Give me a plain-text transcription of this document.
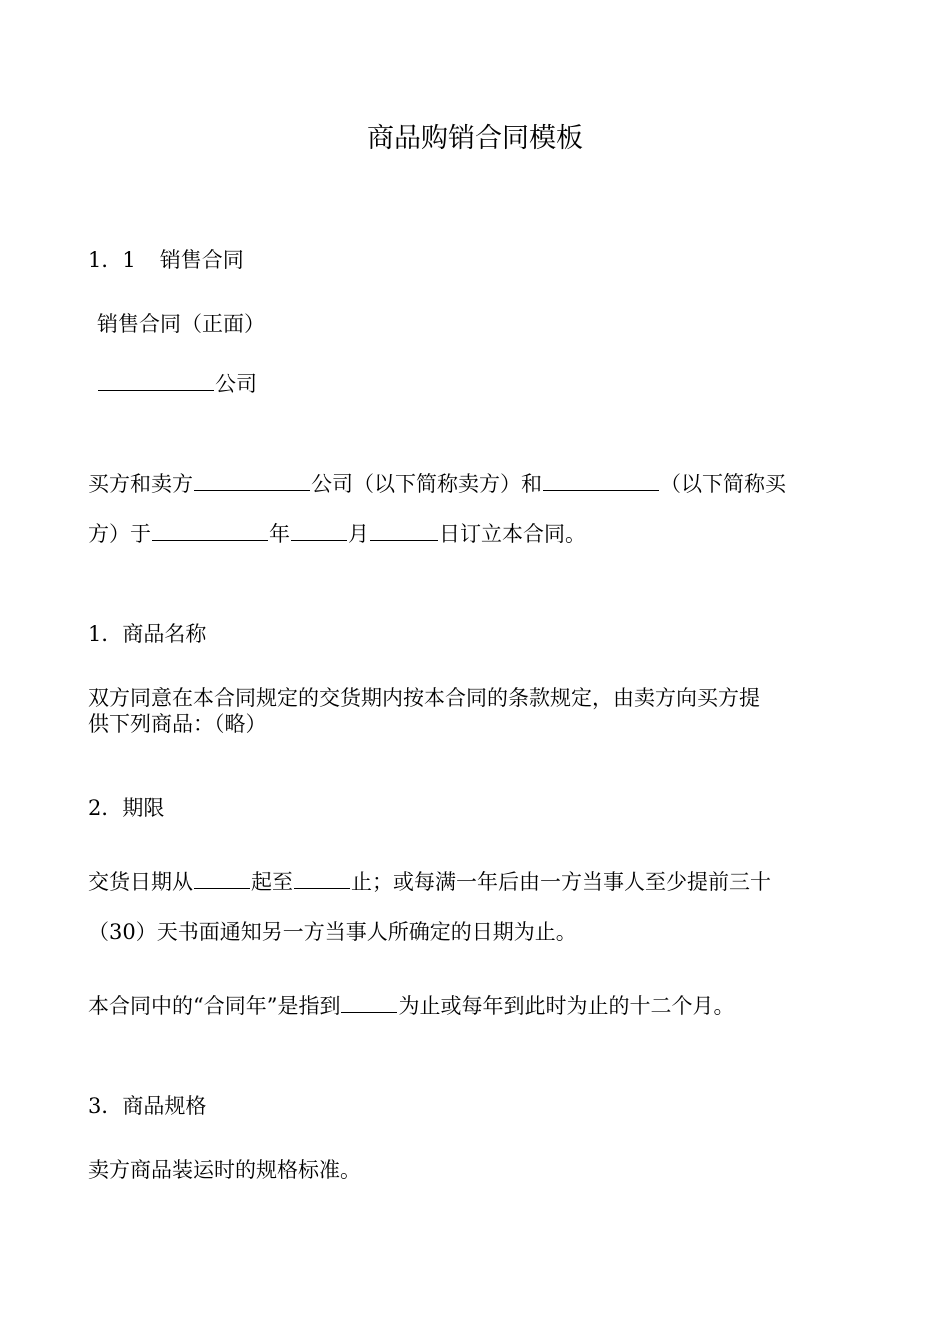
商品购销合同模板
1．1 销售合同
销售合同（正面）
公司
买方和卖方	公司（以下简称卖方）和	（以下简称买
方）于	年	月	日订立本合同。
1．商品名称
双方同意在本合同规定的交货期内按本合同的条款规定，由卖方向买方提
供下列商品：（略）
2．期限
交货日期从	起至	止；或每满一年后由一方当事人至少提前三十
（30）天书面通知另一方当事人所确定的日期为止。
本合同中的“合同年”是指到	为止或每年到此时为止的十二个月。
3．商品规格
卖方商品装运时的规格标准。
